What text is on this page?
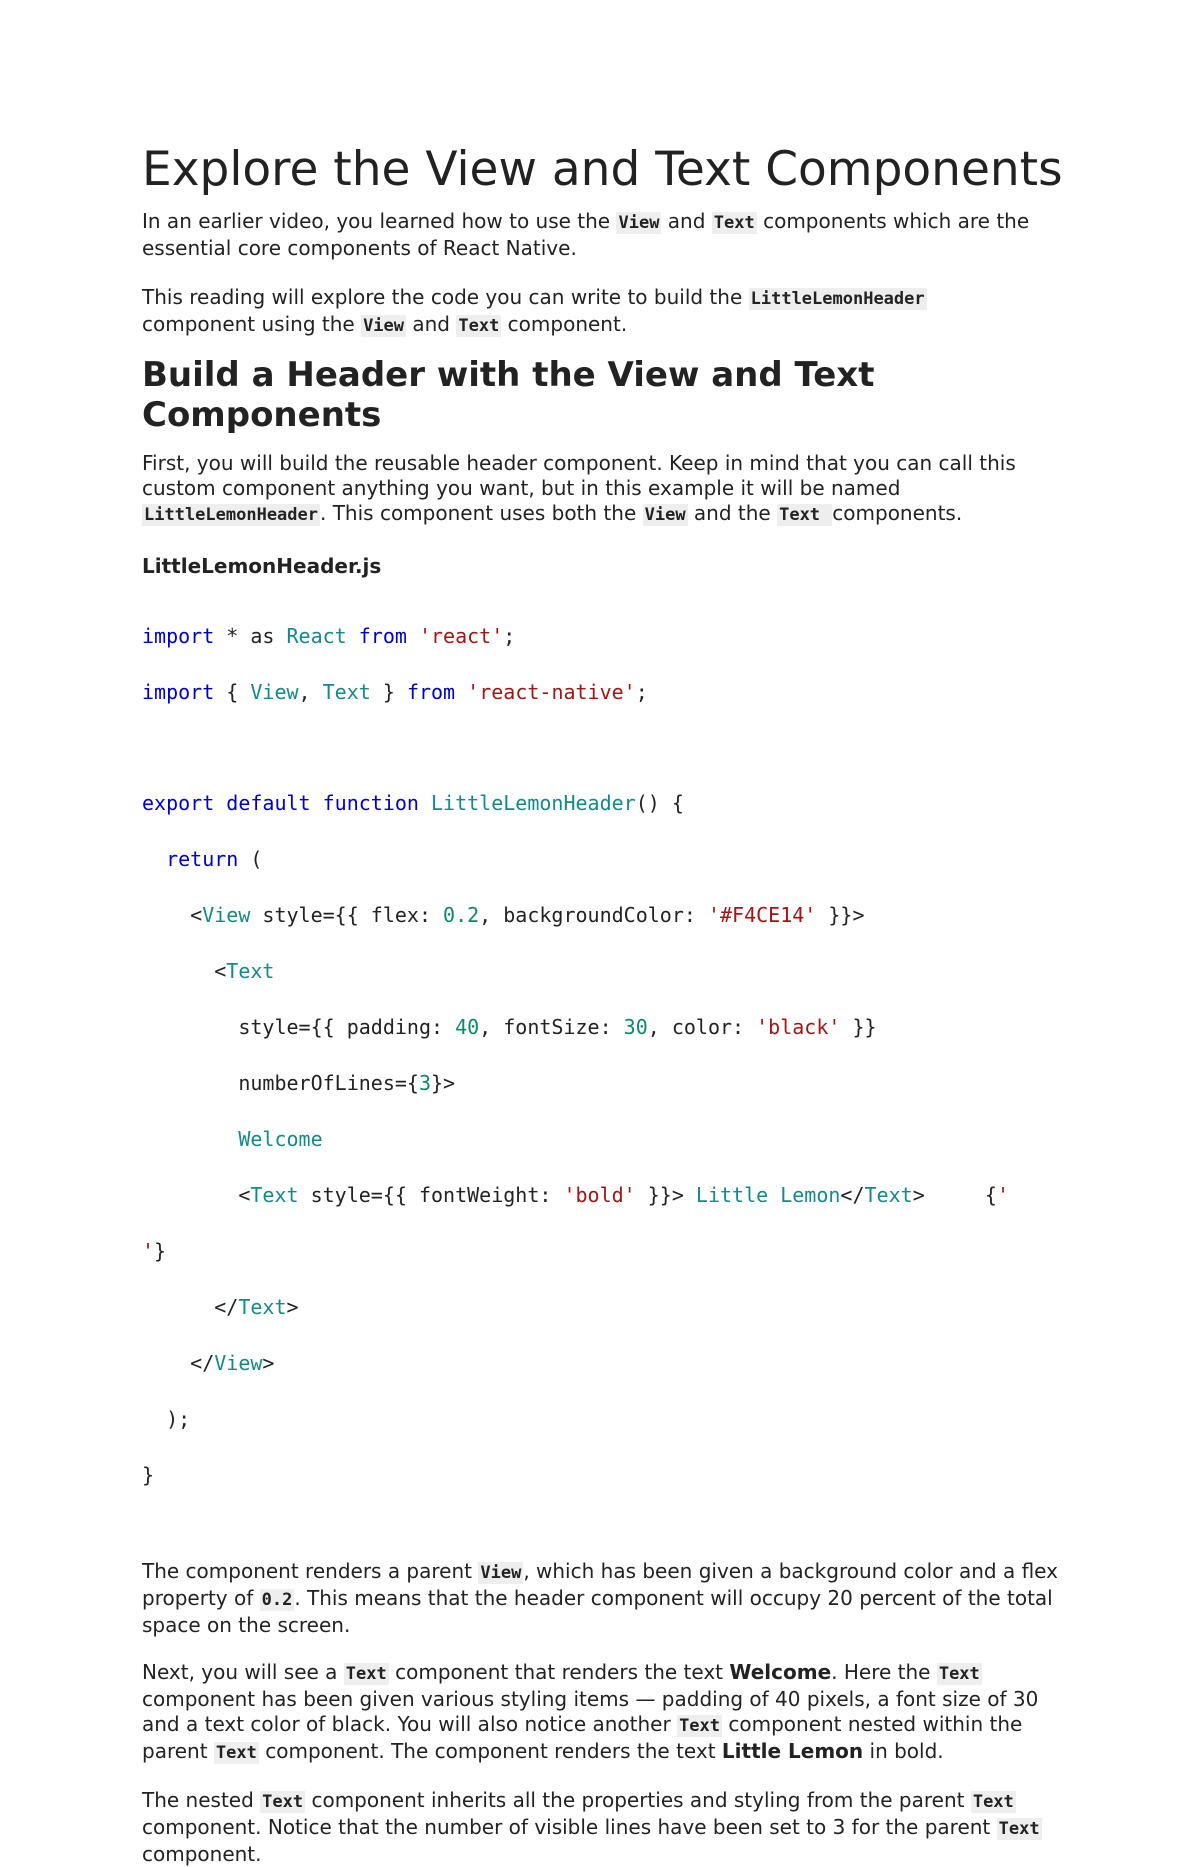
Explore the View and Text Components

In an earlier video, you learned how to use the View and Text components which are the essential core components of React Native.

This reading will explore the code you can write to build the LittleLemonHeader
component using the View and Text component.

Build a Header with the View and Text Components

First, you will build the reusable header component. Keep in mind that you can call this custom component anything you want, but in this example it will be named LittleLemonHeader . This component uses both the View and the Text components.

LittleLemonHeader.js

import * as React from 'react';

import { View, Text } from 'react-native';

export default function LittleLemonHeader() {

return (

<View style={{ flex: 0.2, backgroundColor: '#F4CE14' }}>

<Text

style={{ padding: 40, fontSize: 30, color: 'black' }}

numberOfLines={3}>

Welcome

<Text style={{ fontWeight: 'bold' }}> Little Lemon</Text>     {'

'}

</Text>

</View>

);

}

The component renders a parent View , which has been given a background color and a flex property of 0.2 . This means that the header component will occupy 20 percent of the total space on the screen.

Next, you will see a Text component that renders the text Welcome. Here the Text component has been given various styling items — padding of 40 pixels, a font size of 30 and a text color of black. You will also notice another Text component nested within the parent Text component. The component renders the text Little Lemon in bold.

The nested Text component inherits all the properties and styling from the parent Text component. Notice that the number of visible lines have been set to 3 for the parent Text component.
